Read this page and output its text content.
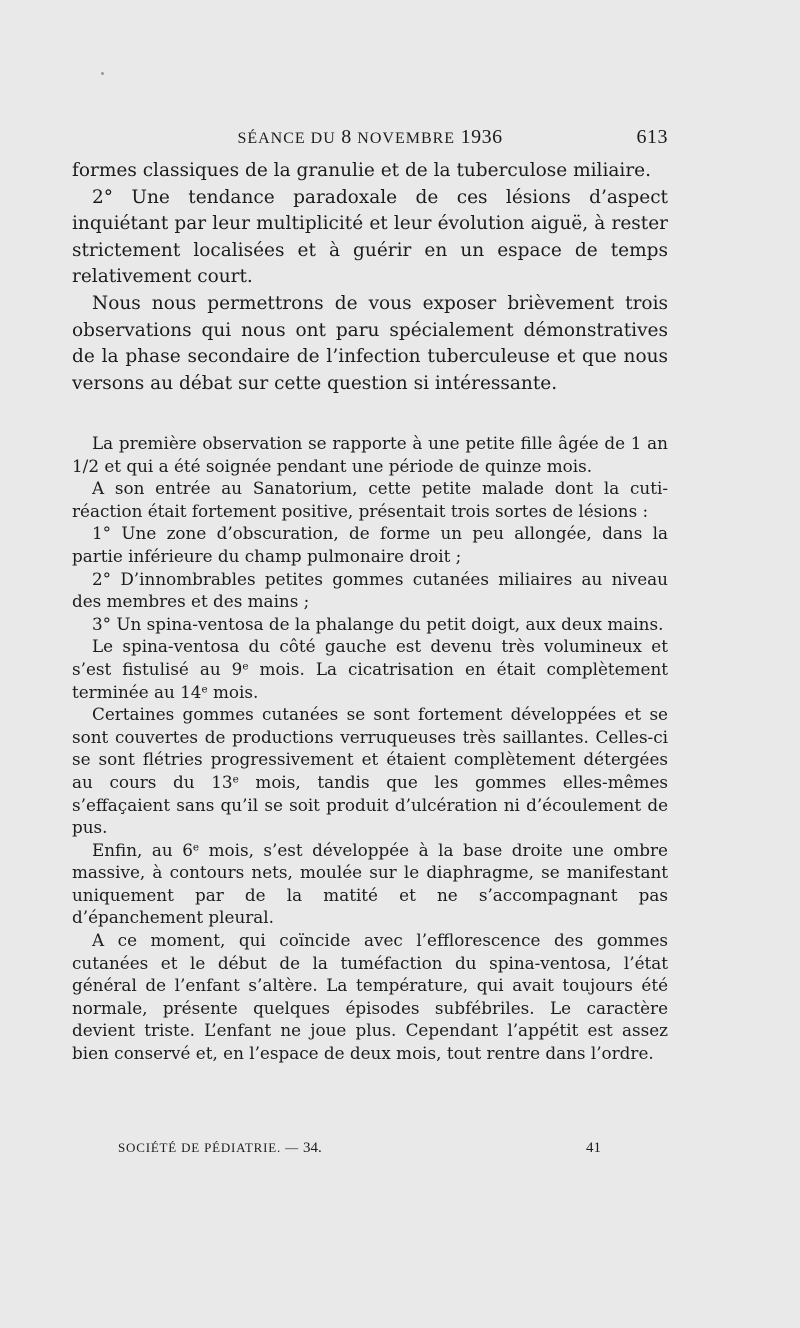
SÉANCE DU 8 NOVEMBRE 1936	613

formes classiques de la granulie et de la tuberculose miliaire.

2° Une tendance paradoxale de ces lésions d’aspect inquiétant par leur multiplicité et leur évolution aiguë, à rester strictement localisées et à guérir en un espace de temps relativement court.

Nous nous permettrons de vous exposer brièvement trois observations qui nous ont paru spécialement démonstratives de la phase secondaire de l’infection tuberculeuse et que nous versons au débat sur cette question si intéressante.

La première observation se rapporte à une petite fille âgée de 1 an 1/2 et qui a été soignée pendant une période de quinze mois.

A son entrée au Sanatorium, cette petite malade dont la cuti-réaction était fortement positive, présentait trois sortes de lésions :

1° Une zone d’obscuration, de forme un peu allongée, dans la partie inférieure du champ pulmonaire droit ;

2° D’innombrables petites gommes cutanées miliaires au niveau des membres et des mains ;

3° Un spina-ventosa de la phalange du petit doigt, aux deux mains.

Le spina-ventosa du côté gauche est devenu très volumineux et s’est fistulisé au 9e mois. La cicatrisation en était complètement terminée au 14e mois.

Certaines gommes cutanées se sont fortement développées et se sont couvertes de productions verruqueuses très saillantes. Celles-ci se sont flétries progressivement et étaient complètement détergées au cours du 13e mois, tandis que les gommes elles-mêmes s’effaçaient sans qu’il se soit produit d’ulcération ni d’écoulement de pus.

Enfin, au 6e mois, s’est développée à la base droite une ombre massive, à contours nets, moulée sur le diaphragme, se manifestant uniquement par de la matité et ne s’accompagnant pas d’épanchement pleural.

A ce moment, qui coïncide avec l’efflorescence des gommes cutanées et le début de la tuméfaction du spina-ventosa, l’état général de l’enfant s’altère. La température, qui avait toujours été normale, présente quelques épisodes subfébriles. Le caractère devient triste. L’enfant ne joue plus. Cependant l’appétit est assez bien conservé et, en l’espace de deux mois, tout rentre dans l’ordre.

SOCIÉTÉ DE PÉDIATRIE. — 34.	41
